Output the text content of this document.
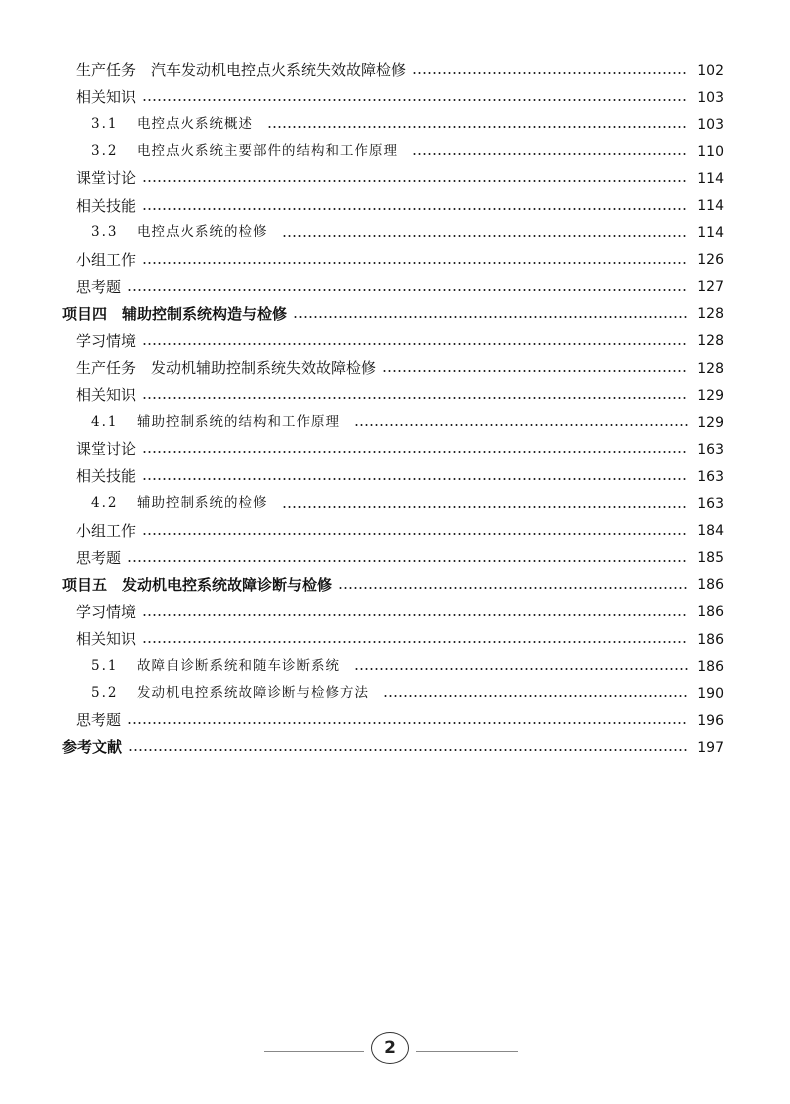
生产任务　汽车发动机电控点火系统失效故障检修	102
相关知识	103
3.1 电控点火系统概述	103
3.2 电控点火系统主要部件的结构和工作原理	110
课堂讨论	114
相关技能	114
3.3 电控点火系统的检修	114
小组工作	126
思考题	127
项目四　辅助控制系统构造与检修	128
学习情境	128
生产任务　发动机辅助控制系统失效故障检修	128
相关知识	129
4.1 辅助控制系统的结构和工作原理	129
课堂讨论	163
相关技能	163
4.2 辅助控制系统的检修	163
小组工作	184
思考题	185
项目五　发动机电控系统故障诊断与检修	186
学习情境	186
相关知识	186
5.1 故障自诊断系统和随车诊断系统	186
5.2 发动机电控系统故障诊断与检修方法	190
思考题	196
参考文献	197
2
